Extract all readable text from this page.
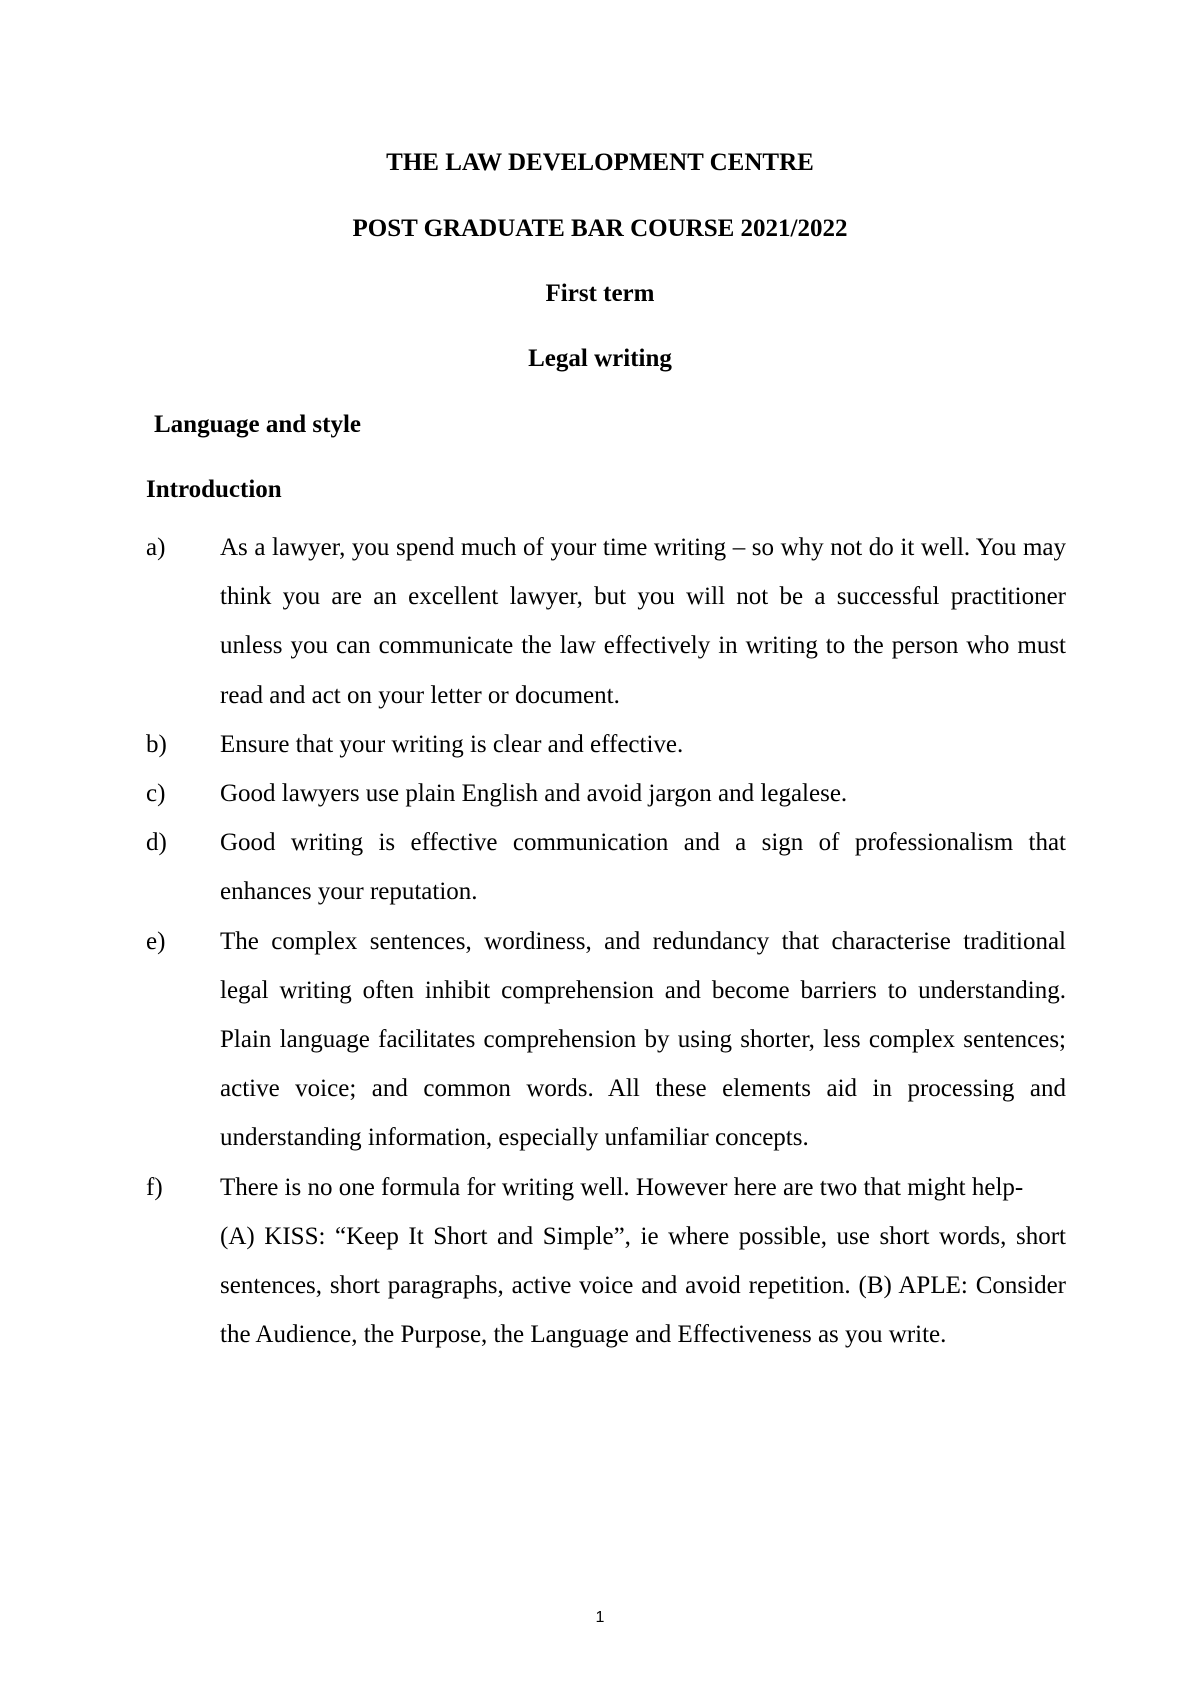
THE LAW DEVELOPMENT CENTRE

POST GRADUATE BAR COURSE 2021/2022

First term

Legal writing

Language and style

Introduction

a)	As a lawyer, you spend much of your time writing – so why not do it well. You may think you are an excellent lawyer, but you will not be a successful practitioner unless you can communicate the law effectively in writing to the person who must read and act on your letter or document.
b)	Ensure that your writing is clear and effective.
c)	Good lawyers use plain English and avoid jargon and legalese.
d)	Good writing is effective communication and a sign of professionalism that enhances your reputation.
e)	The complex sentences, wordiness, and redundancy that characterise traditional legal writing often inhibit comprehension and become barriers to understanding. Plain language facilitates comprehension by using shorter, less complex sentences; active voice; and common words. All these elements aid in processing and understanding information, especially unfamiliar concepts.
f)	There is no one formula for writing well. However here are two that might help-
(A) KISS: “Keep It Short and Simple”, ie where possible, use short words, short sentences, short paragraphs, active voice and avoid repetition. (B) APLE: Consider the Audience, the Purpose, the Language and Effectiveness as you write.
1
